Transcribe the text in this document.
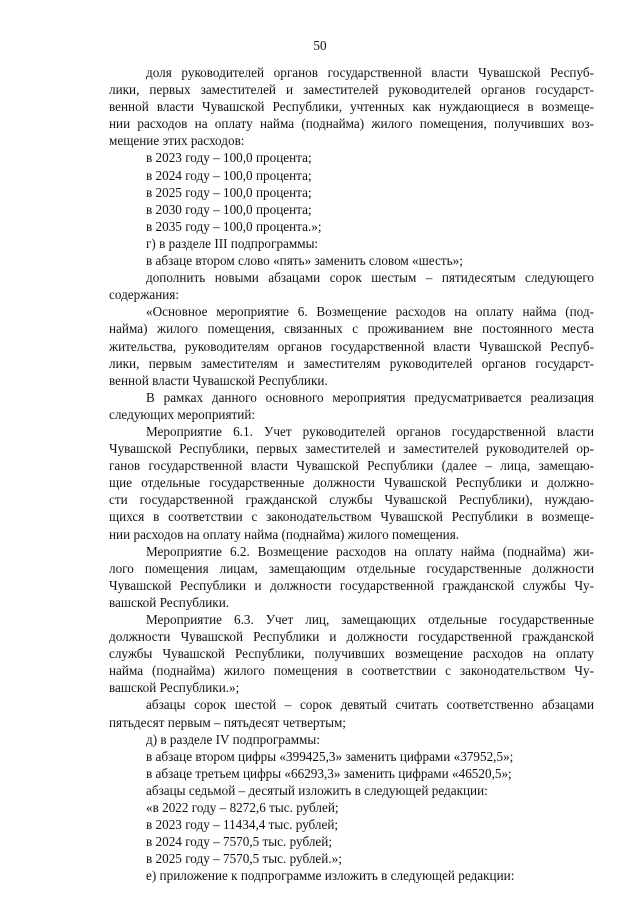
50
доля руководителей органов государственной власти Чувашской Респуб-
лики, первых заместителей и заместителей руководителей органов государст-
венной власти Чувашской Республики, учтенных как нуждающиеся в возмеще-
нии расходов на оплату найма (поднайма) жилого помещения, получивших воз-
мещение этих расходов:
в 2023 году – 100,0 процента;
в 2024 году – 100,0 процента;
в 2025 году – 100,0 процента;
в 2030 году – 100,0 процента;
в 2035 году – 100,0 процента.»;
г) в разделе III подпрограммы:
в абзаце втором слово «пять» заменить словом «шесть»;
дополнить новыми абзацами сорок шестым – пятидесятым следующего
содержания:
«Основное мероприятие 6. Возмещение расходов на оплату найма (под-
найма) жилого помещения, связанных с проживанием вне постоянного места
жительства, руководителям органов государственной власти Чувашской Респуб-
лики, первым заместителям и заместителям руководителей органов государст-
венной власти Чувашской Республики.
В рамках данного основного мероприятия предусматривается реализация
следующих мероприятий:
Мероприятие 6.1. Учет руководителей органов государственной власти
Чувашской Республики, первых заместителей и заместителей руководителей ор-
ганов государственной власти Чувашской Республики (далее – лица, замещаю-
щие отдельные государственные должности Чувашской Республики и должно-
сти государственной гражданской службы Чувашской Республики), нуждаю-
щихся в соответствии с законодательством Чувашской Республики в возмеще-
нии расходов на оплату найма (поднайма) жилого помещения.
Мероприятие 6.2. Возмещение расходов на оплату найма (поднайма) жи-
лого помещения лицам, замещающим отдельные государственные должности
Чувашской Республики и должности государственной гражданской службы Чу-
вашской Республики.
Мероприятие 6.3. Учет лиц, замещающих отдельные государственные
должности Чувашской Республики и должности государственной гражданской
службы Чувашской Республики, получивших возмещение расходов на оплату
найма (поднайма) жилого помещения в соответствии с законодательством Чу-
вашской Республики.»;
абзацы сорок шестой – сорок девятый считать соответственно абзацами
пятьдесят первым – пятьдесят четвертым;
д) в разделе IV подпрограммы:
в абзаце втором цифры «399425,3» заменить цифрами «37952,5»;
в абзаце третьем цифры «66293,3» заменить цифрами «46520,5»;
абзацы седьмой – десятый изложить в следующей редакции:
«в 2022 году – 8272,6 тыс. рублей;
в 2023 году – 11434,4 тыс. рублей;
в 2024 году – 7570,5 тыс. рублей;
в 2025 году – 7570,5 тыс. рублей.»;
е) приложение к подпрограмме изложить в следующей редакции:
